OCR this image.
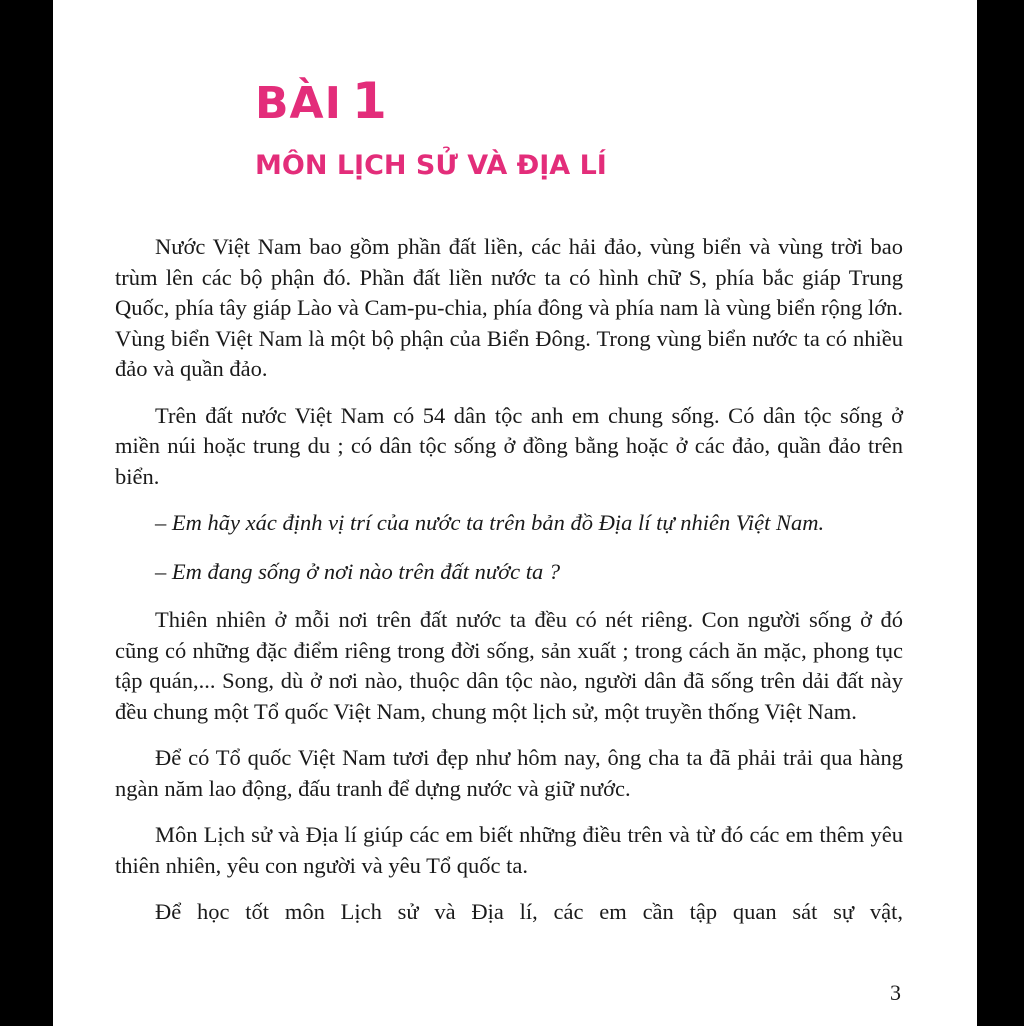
BÀI 1
MÔN LỊCH SỬ VÀ ĐỊA LÍ

Nước Việt Nam bao gồm phần đất liền, các hải đảo, vùng biển và vùng trời bao trùm lên các bộ phận đó. Phần đất liền nước ta có hình chữ S, phía bắc giáp Trung Quốc, phía tây giáp Lào và Cam-pu-chia, phía đông và phía nam là vùng biển rộng lớn. Vùng biển Việt Nam là một bộ phận của Biển Đông. Trong vùng biển nước ta có nhiều đảo và quần đảo.

Trên đất nước Việt Nam có 54 dân tộc anh em chung sống. Có dân tộc sống ở miền núi hoặc trung du ; có dân tộc sống ở đồng bằng hoặc ở các đảo, quần đảo trên biển.

– Em hãy xác định vị trí của nước ta trên bản đồ Địa lí tự nhiên Việt Nam.

– Em đang sống ở nơi nào trên đất nước ta ?

Thiên nhiên ở mỗi nơi trên đất nước ta đều có nét riêng. Con người sống ở đó cũng có những đặc điểm riêng trong đời sống, sản xuất ; trong cách ăn mặc, phong tục tập quán,... Song, dù ở nơi nào, thuộc dân tộc nào, người dân đã sống trên dải đất này đều chung một Tổ quốc Việt Nam, chung một lịch sử, một truyền thống Việt Nam.

Để có Tổ quốc Việt Nam tươi đẹp như hôm nay, ông cha ta đã phải trải qua hàng ngàn năm lao động, đấu tranh để dựng nước và giữ nước.

Môn Lịch sử và Địa lí giúp các em biết những điều trên và từ đó các em thêm yêu thiên nhiên, yêu con người và yêu Tổ quốc ta.

Để học tốt môn Lịch sử và Địa lí, các em cần tập quan sát sự vật,

3
